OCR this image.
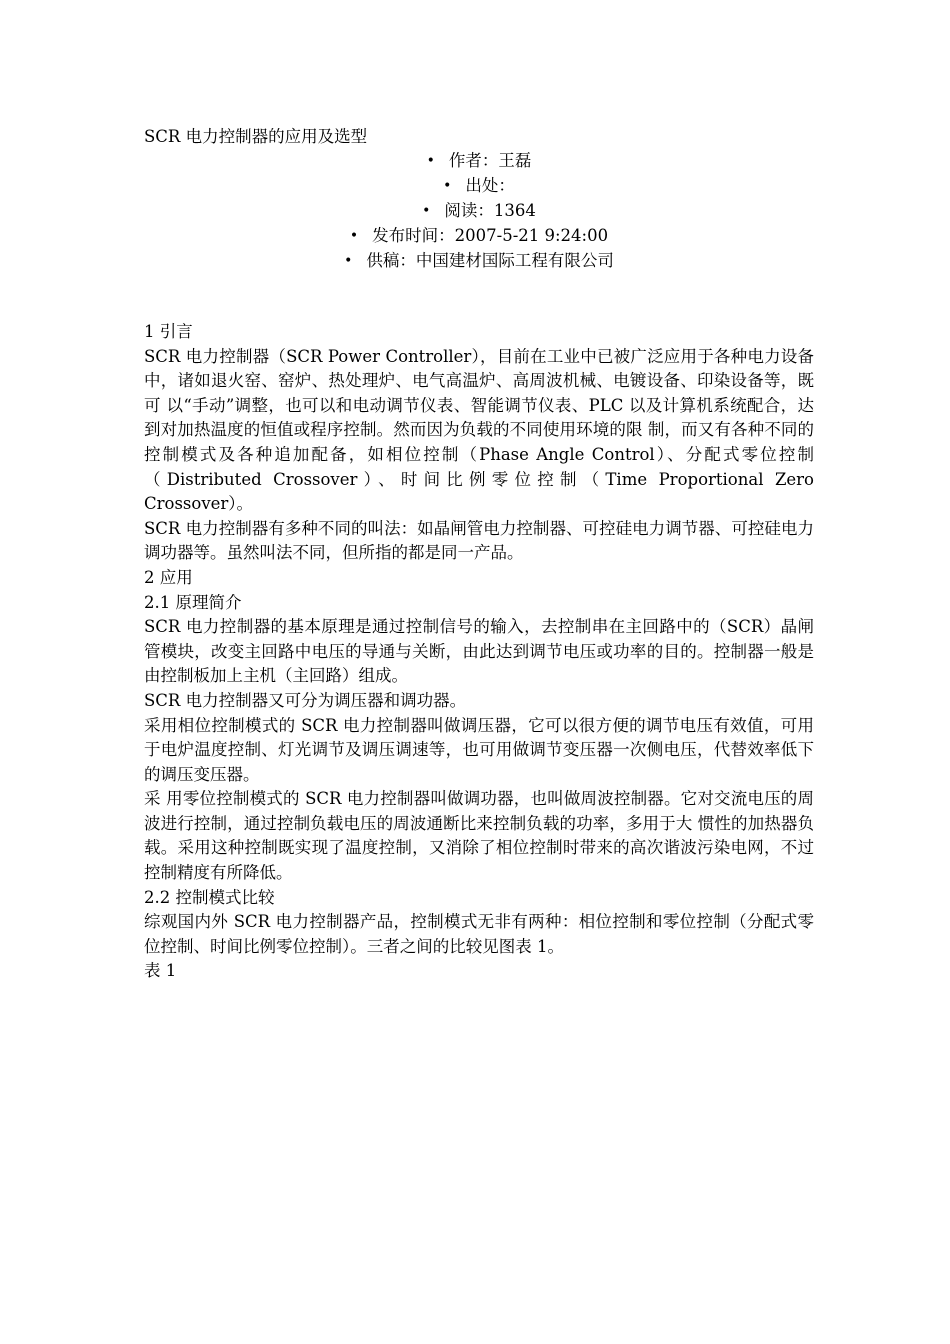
SCR 电力控制器的应用及选型
• 作者：王磊
• 出处：
• 阅读：1364
• 发布时间：2007-5-21 9:24:00
• 供稿：中国建材国际工程有限公司

1 引言

SCR 电力控制器（SCR Power Controller），目前在工业中已被广泛应用于各种电力设备中，诸如退火窑、窑炉、热处理炉、电气高温炉、高周波机械、电镀设备、印染设备等，既可 以“手动”调整，也可以和电动调节仪表、智能调节仪表、PLC 以及计算机系统配合，达到对加热温度的恒值或程序控制。然而因为负载的不同使用环境的限 制，而又有各种不同的控制模式及各种追加配备，如相位控制（Phase Angle Control）、分配式零位控制（Distributed Crossover）、时间比例零位控制（Time Proportional Zero Crossover）。

SCR 电力控制器有多种不同的叫法：如晶闸管电力控制器、可控硅电力调节器、可控硅电力调功器等。虽然叫法不同，但所指的都是同一产品。

2 应用

2.1 原理简介

SCR 电力控制器的基本原理是通过控制信号的输入，去控制串在主回路中的（SCR）晶闸管模块，改变主回路中电压的导通与关断，由此达到调节电压或功率的目的。控制器一般是由控制板加上主机（主回路）组成。

SCR 电力控制器又可分为调压器和调功器。

采用相位控制模式的 SCR 电力控制器叫做调压器，它可以很方便的调节电压有效值，可用于电炉温度控制、灯光调节及调压调速等，也可用做调节变压器一次侧电压，代替效率低下的调压变压器。

采 用零位控制模式的 SCR 电力控制器叫做调功器，也叫做周波控制器。它对交流电压的周波进行控制，通过控制负载电压的周波通断比来控制负载的功率，多用于大 惯性的加热器负载。采用这种控制既实现了温度控制，又消除了相位控制时带来的高次谐波污染电网，不过控制精度有所降低。

2.2 控制模式比较

综观国内外 SCR 电力控制器产品，控制模式无非有两种：相位控制和零位控制（分配式零位控制、时间比例零位控制）。三者之间的比较见图表 1。

表 1
